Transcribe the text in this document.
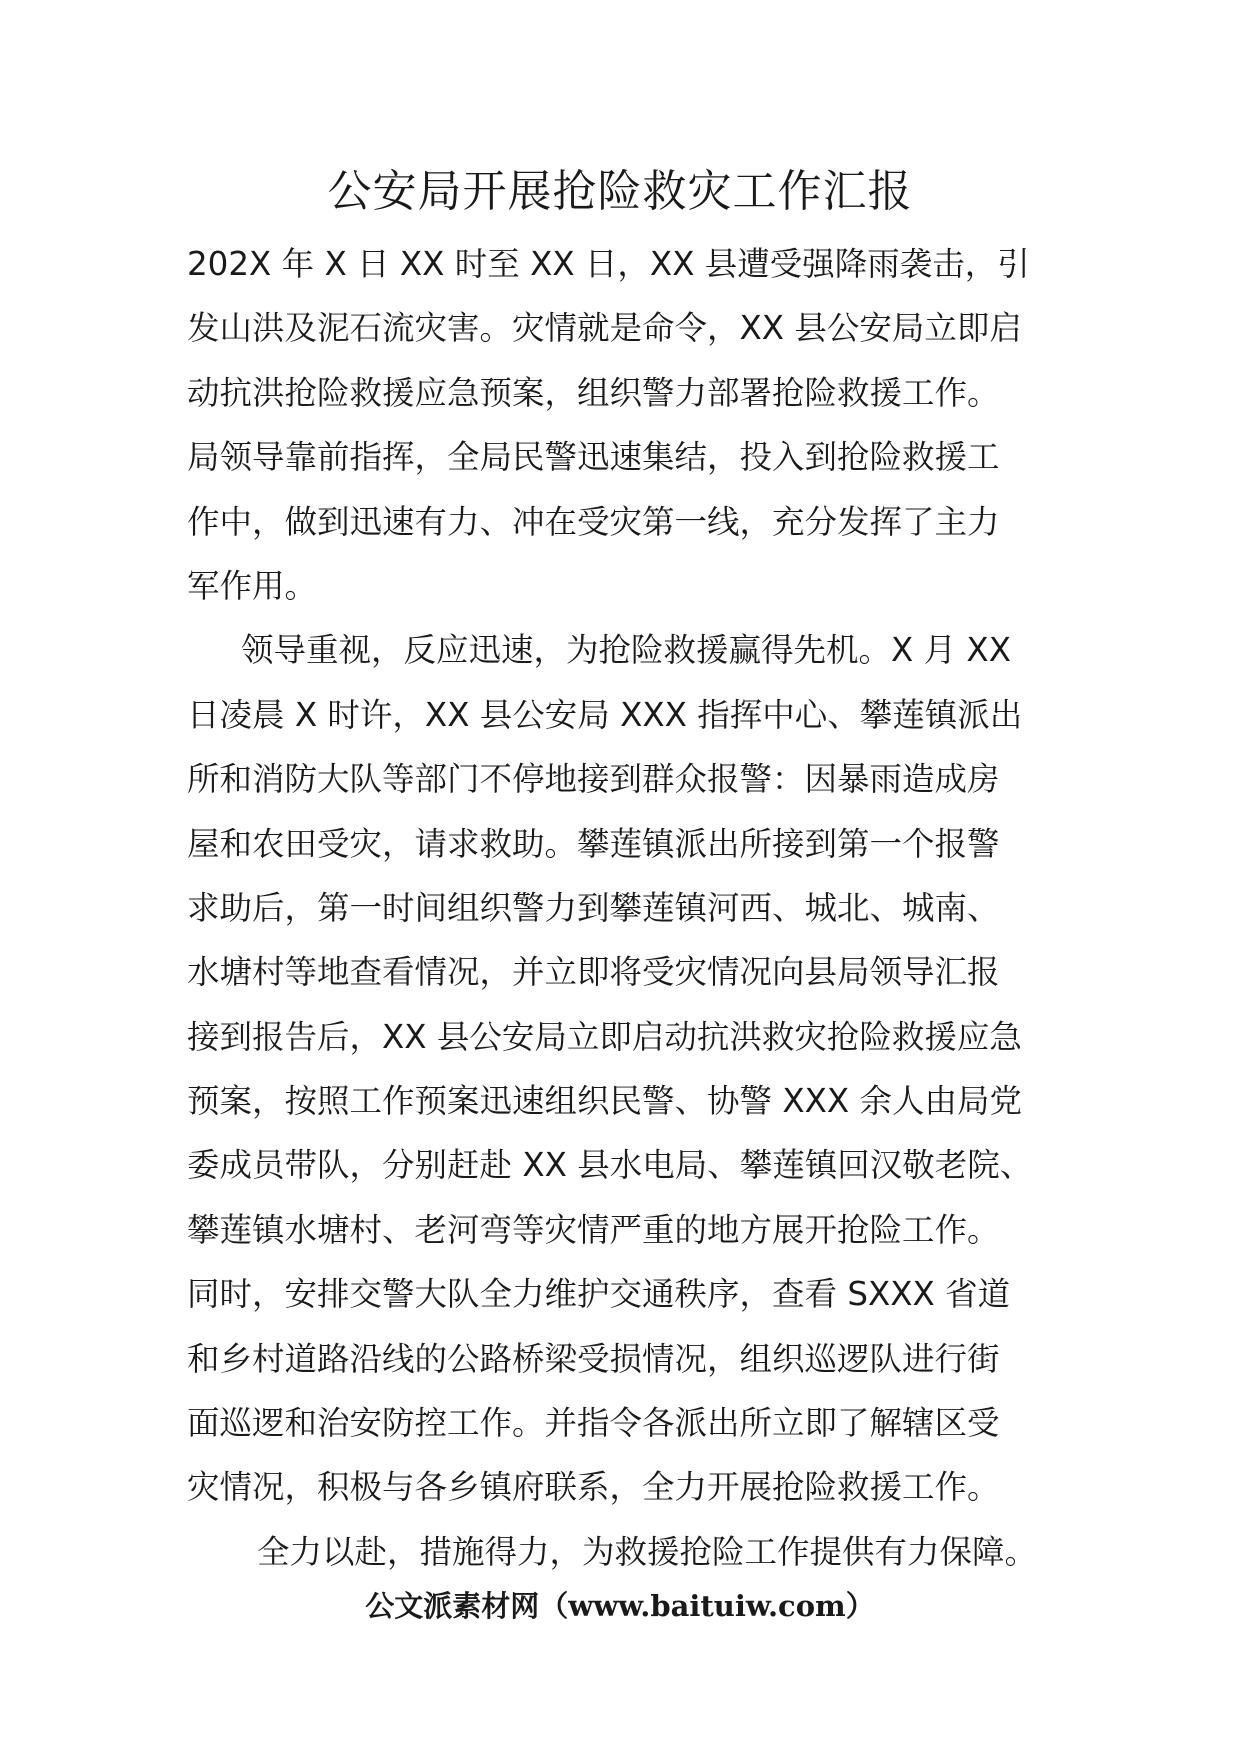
公安局开展抢险救灾工作汇报
202X 年 X 日 XX 时至 XX 日，XX 县遭受强降雨袭击，引
发山洪及泥石流灾害。灾情就是命令，XX 县公安局立即启
动抗洪抢险救援应急预案，组织警力部署抢险救援工作。
局领导靠前指挥，全局民警迅速集结，投入到抢险救援工
作中，做到迅速有力、冲在受灾第一线，充分发挥了主力
军作用。
领导重视，反应迅速，为抢险救援赢得先机。X 月 XX
日凌晨 X 时许，XX 县公安局 XXX 指挥中心、攀莲镇派出
所和消防大队等部门不停地接到群众报警：因暴雨造成房
屋和农田受灾，请求救助。攀莲镇派出所接到第一个报警
求助后，第一时间组织警力到攀莲镇河西、城北、城南、
水塘村等地查看情况，并立即将受灾情况向县局领导汇报
接到报告后，XX 县公安局立即启动抗洪救灾抢险救援应急
预案，按照工作预案迅速组织民警、协警 XXX 余人由局党
委成员带队，分别赶赴 XX 县水电局、攀莲镇回汉敬老院、
攀莲镇水塘村、老河弯等灾情严重的地方展开抢险工作。
同时，安排交警大队全力维护交通秩序，查看 SXXX 省道
和乡村道路沿线的公路桥梁受损情况，组织巡逻队进行街
面巡逻和治安防控工作。并指令各派出所立即了解辖区受
灾情况，积极与各乡镇府联系，全力开展抢险救援工作。
全力以赴，措施得力，为救援抢险工作提供有力保障。
公文派素材网（www.baituiw.com）
